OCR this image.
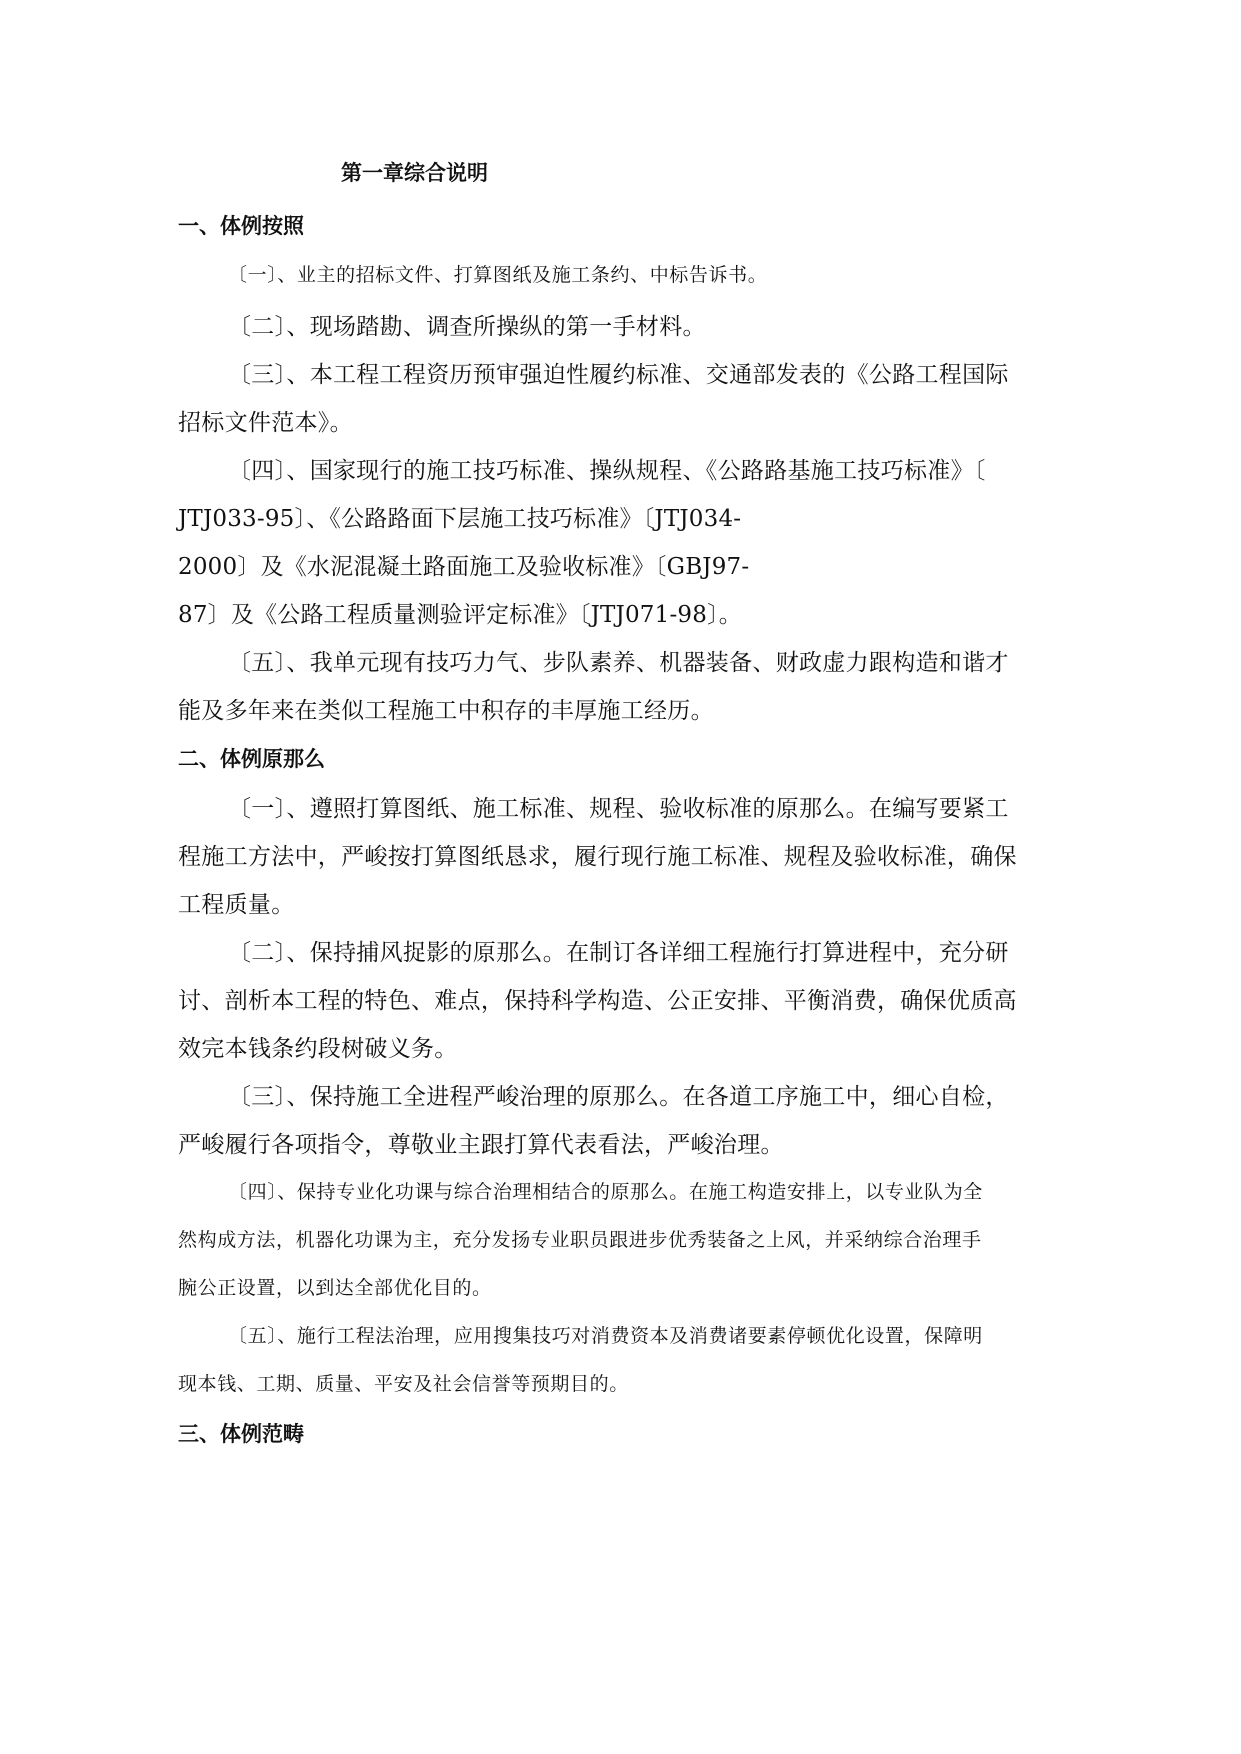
第一章综合说明
一、体例按照
〔一〕、业主的招标文件、打算图纸及施工条约、中标告诉书。
〔二〕、现场踏勘、调查所操纵的第一手材料。
〔三〕、本工程工程资历预审强迫性履约标准、交通部发表的《公路工程国际
招标文件范本》。
〔四〕、国家现行的施工技巧标准、操纵规程、《公路路基施工技巧标准》〔
JTJ033-95〕、《公路路面下层施工技巧标准》〔JTJ034-
2000〕及《水泥混凝土路面施工及验收标准》〔GBJ97-
87〕及《公路工程质量测验评定标准》〔JTJ071-98〕。
〔五〕、我单元现有技巧力气、步队素养、机器装备、财政虚力跟构造和谐才
能及多年来在类似工程施工中积存的丰厚施工经历。
二、体例原那么
〔一〕、遵照打算图纸、施工标准、规程、验收标准的原那么。在编写要紧工
程施工方法中，严峻按打算图纸恳求，履行现行施工标准、规程及验收标准，确保
工程质量。
〔二〕、保持捕风捉影的原那么。在制订各详细工程施行打算进程中，充分研
讨、剖析本工程的特色、难点，保持科学构造、公正安排、平衡消费，确保优质高
效完本钱条约段树破义务。
〔三〕、保持施工全进程严峻治理的原那么。在各道工序施工中，细心自检，
严峻履行各项指令，尊敬业主跟打算代表看法，严峻治理。
〔四〕、保持专业化功课与综合治理相结合的原那么。在施工构造安排上，以专业队为全
然构成方法，机器化功课为主，充分发扬专业职员跟进步优秀装备之上风，并采纳综合治理手
腕公正设置，以到达全部优化目的。
〔五〕、施行工程法治理，应用搜集技巧对消费资本及消费诸要素停顿优化设置，保障明
现本钱、工期、质量、平安及社会信誉等预期目的。
三、体例范畴
